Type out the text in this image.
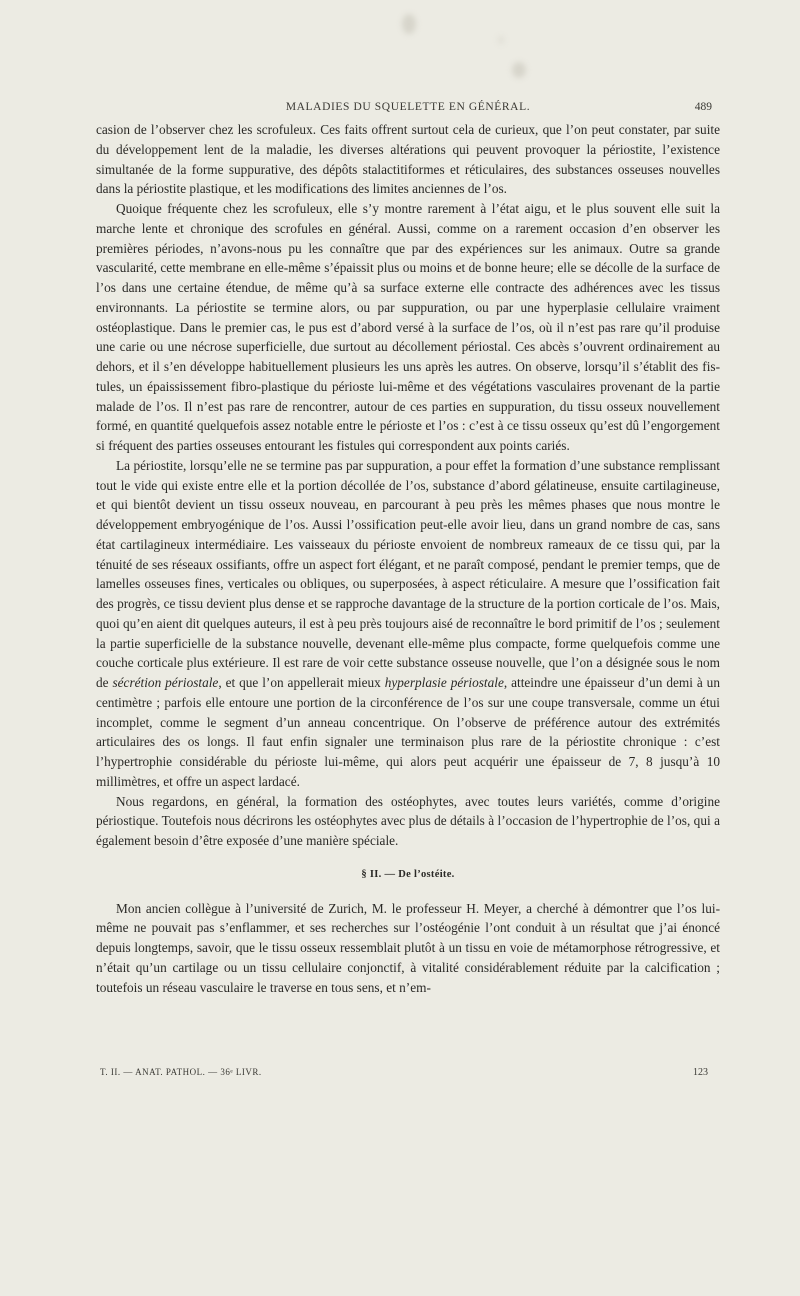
MALADIES DU SQUELETTE EN GÉNÉRAL.	489

casion de l’observer chez les scrofuleux. Ces faits offrent surtout cela de curieux, que l’on peut constater, par suite du développement lent de la maladie, les diverses altérations qui peuvent provoquer la périostite, l’existence simultanée de la forme suppurative, des dépôts stalactitiformes et réticulaires, des substances osseuses nouvelles dans la périostite plastique, et les modifications des limites anciennes de l’os.

Quoique fréquente chez les scrofuleux, elle s’y montre rarement à l’état aigu, et le plus souvent elle suit la marche lente et chronique des scrofules en général. Aussi, comme on a rarement occasion d’en observer les premières périodes, n’avons-nous pu les connaître que par des expériences sur les animaux. Outre sa grande vascularité, cette membrane en elle-même s’épaissit plus ou moins et de bonne heure; elle se décolle de la surface de l’os dans une certaine étendue, de même qu’à sa surface externe elle contracte des adhérences avec les tissus environnants. La périostite se termine alors, ou par suppuration, ou par une hyperplasie cellulaire vraiment ostéoplastique. Dans le premier cas, le pus est d’abord versé à la surface de l’os, où il n’est pas rare qu’il produise une carie ou une nécrose superficielle, due surtout au décollement périostal. Ces abcès s’ouvrent ordinairement au dehors, et il s’en développe habituellement plusieurs les uns après les autres. On observe, lorsqu’il s’établit des fistules, un épaississement fibro-plastique du périoste lui-même et des végétations vasculaires provenant de la partie malade de l’os. Il n’est pas rare de rencontrer, autour de ces parties en suppuration, du tissu osseux nouvellement formé, en quantité quelquefois assez notable entre le périoste et l’os : c’est à ce tissu osseux qu’est dû l’engorgement si fréquent des parties osseuses entourant les fistules qui correspondent aux points cariés.

La périostite, lorsqu’elle ne se termine pas par suppuration, a pour effet la formation d’une substance remplissant tout le vide qui existe entre elle et la portion décollée de l’os, substance d’abord gélatineuse, ensuite cartilagineuse, et qui bientôt devient un tissu osseux nouveau, en parcourant à peu près les mêmes phases que nous montre le développement embryogénique de l’os. Aussi l’ossification peut-elle avoir lieu, dans un grand nombre de cas, sans état cartilagineux intermédiaire. Les vaisseaux du périoste envoient de nombreux rameaux de ce tissu qui, par la ténuité de ses réseaux ossifiants, offre un aspect fort élégant, et ne paraît composé, pendant le premier temps, que de lamelles osseuses fines, verticales ou obliques, ou superposées, à aspect réticulaire. A mesure que l’ossification fait des progrès, ce tissu devient plus dense et se rapproche davantage de la structure de la portion corticale de l’os. Mais, quoi qu’en aient dit quelques auteurs, il est à peu près toujours aisé de reconnaître le bord primitif de l’os ; seulement la partie superficielle de la substance nouvelle, devenant elle-même plus compacte, forme quelquefois comme une couche corticale plus extérieure. Il est rare de voir cette substance osseuse nouvelle, que l’on a désignée sous le nom de sécrétion périostale, et que l’on appellerait mieux hyperplasie périostale, atteindre une épaisseur d’un demi à un centimètre ; parfois elle entoure une portion de la circonférence de l’os sur une coupe transversale, comme un étui incomplet, comme le segment d’un anneau concentrique. On l’observe de préférence autour des extrémités articulaires des os longs. Il faut enfin signaler une terminaison plus rare de la périostite chronique : c’est l’hypertrophie considérable du périoste lui-même, qui alors peut acquérir une épaisseur de 7, 8 jusqu’à 10 millimètres, et offre un aspect lardacé.

Nous regardons, en général, la formation des ostéophytes, avec toutes leurs variétés, comme d’origine périostique. Toutefois nous décrirons les ostéophytes avec plus de détails à l’occasion de l’hypertrophie de l’os, qui a également besoin d’être exposée d’une manière spéciale.

§ II. — De l’ostéite.

Mon ancien collègue à l’université de Zurich, M. le professeur H. Meyer, a cherché à démontrer que l’os lui-même ne pouvait pas s’enflammer, et ses recherches sur l’ostéogénie l’ont conduit à un résultat que j’ai énoncé depuis longtemps, savoir, que le tissu osseux ressemblait plutôt à un tissu en voie de métamorphose rétrogressive, et n’était qu’un cartilage ou un tissu cellulaire conjonctif, à vitalité considérablement réduite par la calcification ; toutefois un réseau vasculaire le traverse en tous sens, et n’em-

T. II. — ANAT. PATHOL. — 36ᵉ LIVR.	123
